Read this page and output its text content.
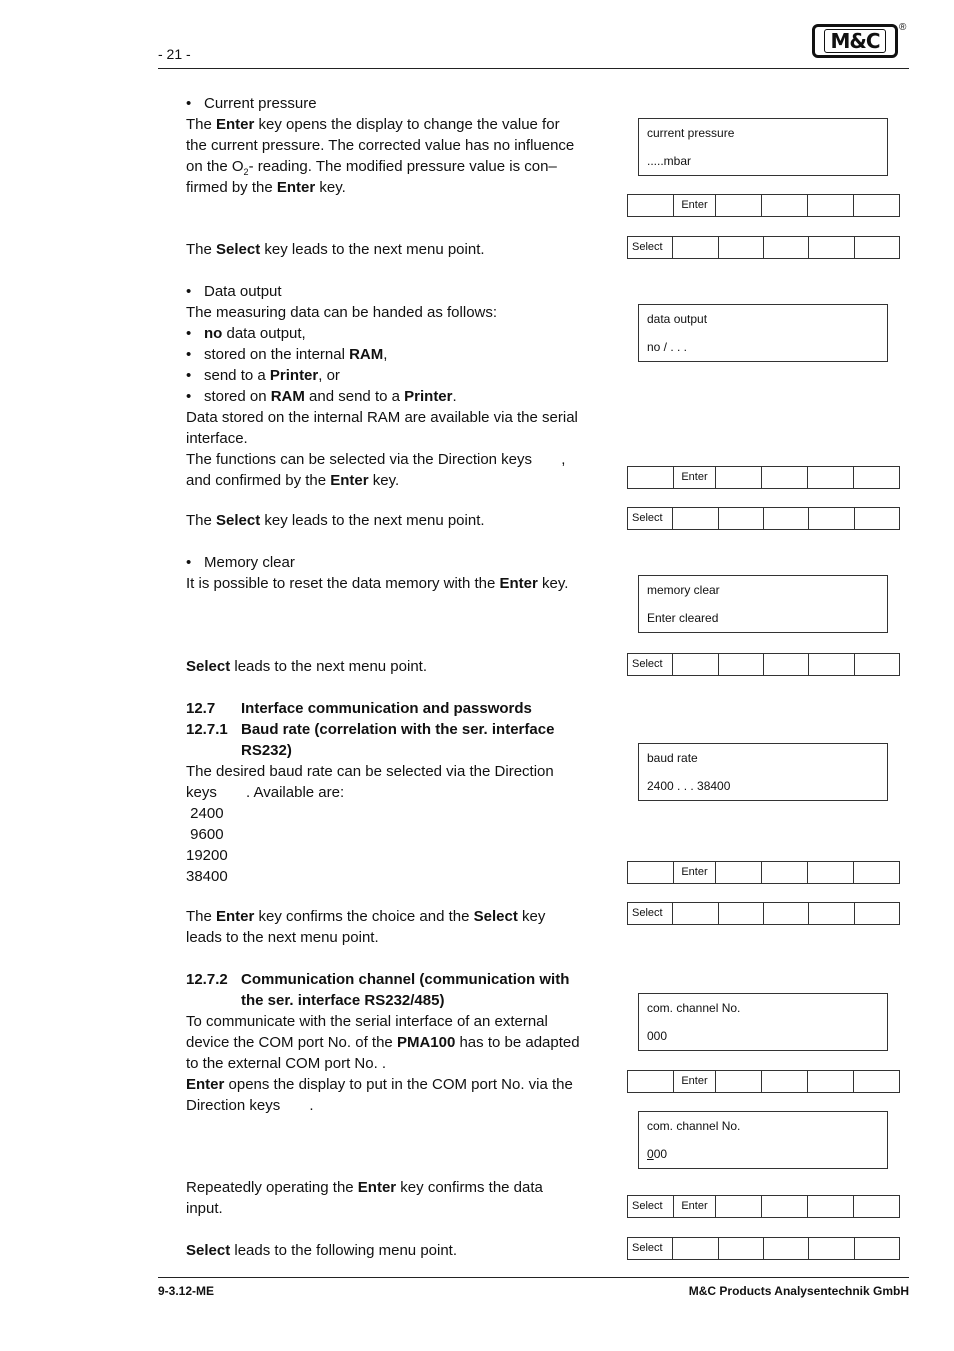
- 21 -
M&C
®
• Current pressure
The Enter key opens the display to change the value for
the current pressure. The corrected value has no influence
on the $O_2-$ reading. The modified pressure value is con–
firmed by the Enter key.
The Select key leads to the next menu point.
• Data output
The measuring data can be handed as follows:
• no data output,
• stored on the internal RAM,
• send to a Printer, or
• stored on RAM and send to a Printer.
Data stored on the internal RAM are available via the serial
interface.
The functions can be selected via the Direction keys       ,
and confirmed by the Enter key.
The Select key leads to the next menu point.
• Memory clear
It is possible to reset the data memory with the Enter key.
Select leads to the next menu point.
12.7 Interface communication and passwords
12.7.1 Baud rate (correlation with the ser. interface
RS232)
The desired baud rate can be selected via the Direction
keys       . Available are:
2400
9600
19200
38400
The Enter key confirms the choice and the Select key
leads to the next menu point.
12.7.2 Communication channel (communication with
the ser. interface RS232/485)
To communicate with the serial interface of an external
device the COM port No. of the PMA100 has to be adapted
to the external COM port No. .
Enter opens the display to put in the COM port No. via the
Direction keys       .
Repeatedly operating the Enter key confirms the data
input.
Select leads to the following menu point.
current pressure
.....mbar
Enter
Select
data output
no / . . .
Enter
Select
memory clear
Enter cleared
Select
baud rate
2400 . . . 38400
Enter
Select
com. channel No.
000
Enter
com. channel No.
000
Select	Enter
Select
9-3.12-ME	M&C Products Analysentechnik GmbH
